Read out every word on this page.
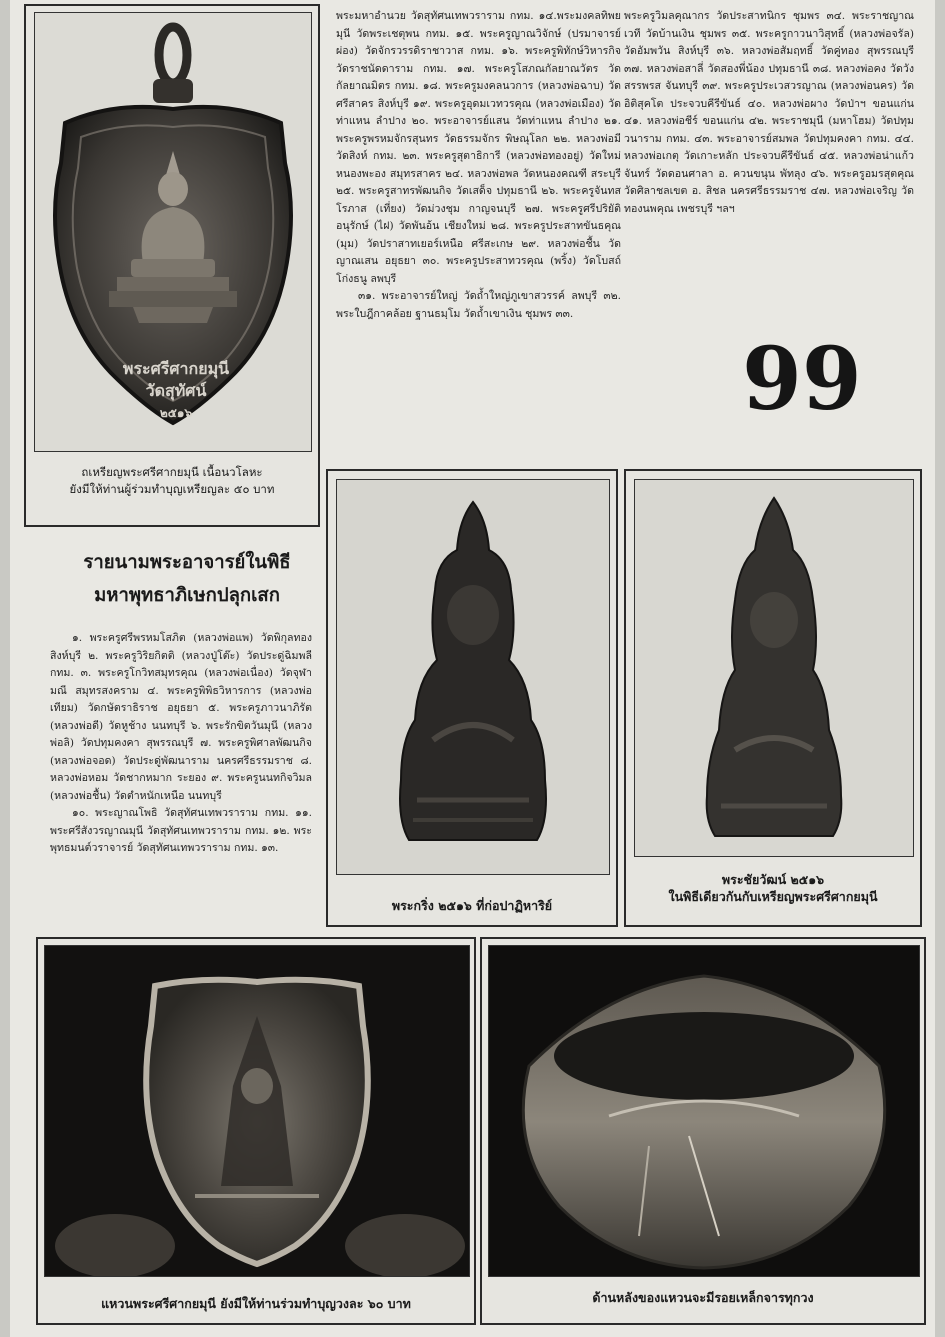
พระศรีศากยมุนี
วัดสุทัศน์
๒๕๑๖
ถเหรียญพระศรีศากยมุนี เนื้อนวโลหะ
ยังมีให้ท่านผู้ร่วมทำบุญเหรียญละ ๕๐ บาท
รายนามพระอาจารย์ในพิธี
มหาพุทธาภิเษกปลุกเสก

๑. พระครูศรีพรหมโสภิต (หลวงพ่อแพ) วัดพิกุลทอง สิงห์บุรี ๒. พระครูวิริยกิตติ (หลวงปู่โต๊ะ) วัดประดู่ฉิมพลี กทม. ๓. พระครูโกวิทสมุทรคุณ (หลวงพ่อเนื่อง) วัดจุฬามณี สมุทรสงคราม ๔. พระครูพิพิธวิหารการ (หลวงพ่อเทียม) วัดกษัตราธิราช อยุธยา ๕. พระครูภาวนาภิรัต (หลวงพ่อดี) วัดหูช้าง นนทบุรี ๖. พระรักขิตวันมุนี (หลวงพ่อลิ) วัดปทุมคงคา สุพรรณบุรี ๗. พระครูพิศาลพัฒนกิจ (หลวงพ่อจอด) วัดประดู่พัฒนาราม นครศรีธรรมราช ๘. หลวงพ่อหอม วัดชากหมาก ระยอง ๙. พระครูนนทกิจวิมล (หลวงพ่อชื้น) วัดตำหนักเหนือ นนทบุรี

๑๐. พระญาณโพธิ วัดสุทัศนเทพวราราม กทม. ๑๑. พระศรีสังวรญาณมุนี วัดสุทัศนเทพวราราม กทม. ๑๒. พระพุทธมนต์วราจารย์ วัดสุทัศนเทพวราราม กทม. ๑๓.

พระมหาอำนวย วัดสุทัศนเทพวราราม กทม. ๑๔.พระมงคลทิพยมุนี วัดพระเชตุพน กทม. ๑๕. พระครูญาณวิจักษ์ (ปรมาจารย์ผ่อง) วัดจักรวรรดิราชาวาส กทม. ๑๖. พระครูพิทักษ์วิหารกิจ วัดราชนัดดาราม กทม. ๑๗. พระครูโสภณกัลยาณวัตร วัดกัลยาณมิตร กทม. ๑๘. พระครูมงคลนวการ (หลวงพ่อฉาบ) วัดศรีสาคร สิงห์บุรี ๑๙. พระครูอุดมเวทวรคุณ (หลวงพ่อเมือง) วัดท่าแหน ลำปาง ๒๐. พระอาจารย์แสน วัดท่าแหน ลำปาง ๒๑. พระครูพรหมจักรสุนทร วัดธรรมจักร พิษณุโลก ๒๒. หลวงพ่อมี วัดสิงห์ กทม. ๒๓. พระครูสุตาธิการี (หลวงพ่อทองอยู่) วัดใหม่หนองพะอง สมุทรสาคร ๒๔. หลวงพ่อพล วัดหนองคณฑี สระบุรี ๒๕. พระครูสาทรพัฒนกิจ วัดเสด็จ ปทุมธานี ๒๖. พระครูจันทสโรภาส (เที่ยง) วัดม่วงชุม กาญจนบุรี ๒๗. พระครูศรีปริยัติอนุรักษ์ (ไฝ) วัดพันอ้น เชียงใหม่ ๒๘. พระครูประสาทขันธคุณ (มุม) วัดปราสาทเยอร์เหนือ ศรีสะเกษ ๒๙. หลวงพ่อชื้น วัดญาณเสน อยุธยา ๓๐. พระครูประสาทวรคุณ (พริ้ง) วัดโบสถ์โก่งธนู ลพบุรี

๓๑. พระอาจารย์ใหญ่ วัดถ้ำใหญ่ภูเขาสวรรค์ ลพบุรี ๓๒. พระใบฎีกาคล้อย ฐานธมฺโม วัดถ้ำเขาเงิน ชุมพร ๓๓.

พระครูวิมลคุณากร วัดประสาทนิกร ชุมพร ๓๔. พระราชญาณเวที วัดบ้านเงิน ชุมพร ๓๕. พระครูกาวนาวิสุทธิ์ (หลวงพ่อจรัล) วัดอัมพวัน สิงห์บุรี ๓๖. หลวงพ่อสัมฤทธิ์ วัดคู่ทอง สุพรรณบุรี ๓๗. หลวงพ่อสาลี่ วัดสองพี่น้อง ปทุมธานี ๓๘. หลวงพ่อคง วัดวังสรรพรส จันทบุรี ๓๙. พระครูประเวสวรญาณ (หลวงพ่อนคร) วัดอิติสุคโต ประจวบคีรีขันธ์ ๔๐. หลวงพ่อผาง วัดป่าฯ ขอนแก่น ๔๑. หลวงพ่อชีร์ ขอนแก่น ๔๒. พระราชมุนี (มหาโฮม) วัดปทุมวนาราม กทม. ๔๓. พระอาจารย์สมพล วัดปทุมคงคา กทม. ๔๔. หลวงพ่อเกตุ วัดเกาะหลัก ประจวบคีรีขันธ์ ๔๕. หลวงพ่อน่าแก้วจันทร์ วัดดอนศาลา อ. ควนขนุน พัทลุง ๔๖. พระครูอมรสุตคุณ วัดศิลาชลเขต อ. สิชล นครศรีธรรมราช ๔๗. หลวงพ่อเจริญ วัดทองนพคุณ เพชรบุรี ฯลฯ

99
พระกริ่ง ๒๕๑๖ ที่ก่อปาฏิหาริย์
พระชัยวัฒน์ ๒๕๑๖
ในพิธีเดียวกันกับเหรียญพระศรีศากยมุนี
แหวนพระศรีศากยมุนี ยังมีให้ท่านร่วมทำบุญวงละ ๖๐ บาท	ด้านหลังของแหวนจะมีรอยเหล็กจารทุกวง
